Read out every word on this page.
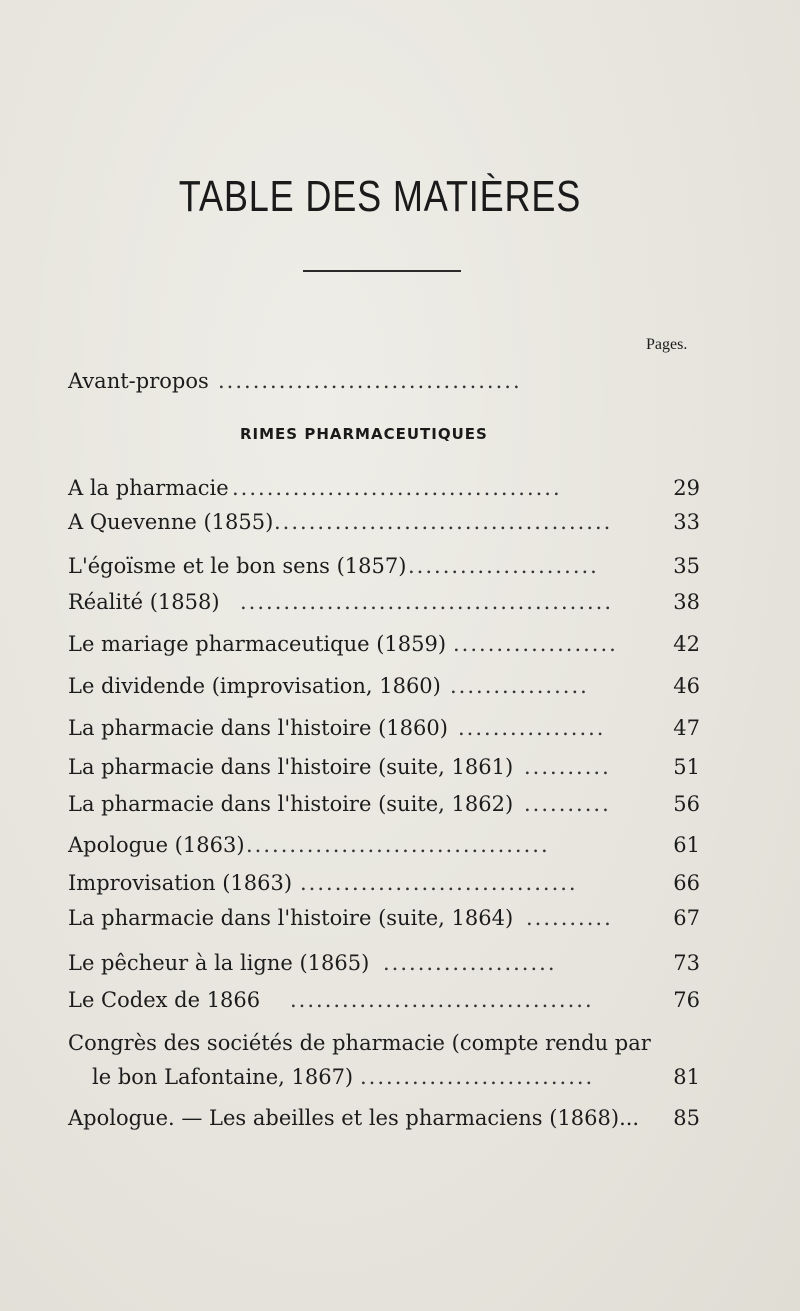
TABLE DES MATIÈRES
Pages.
Avant-propos ...................................
RIMES PHARMACEUTIQUES
A la pharmacie ......................................	29
A Quevenne (1855) .......................................	33
L'égoïsme et le bon sens (1857) ......................	35
Réalité (1858) ...........................................	38
Le mariage pharmaceutique (1859) ...................	42
Le dividende (improvisation, 1860) ................	46
La pharmacie dans l'histoire (1860) .................	47
La pharmacie dans l'histoire (suite, 1861) ..........	51
La pharmacie dans l'histoire (suite, 1862) ..........	56
Apologue (1863) ...................................	61
Improvisation (1863) ................................	66
La pharmacie dans l'histoire (suite, 1864) ..........	67
Le pêcheur à la ligne (1865) ....................	73
Le Codex de 1866 ...................................	76
Congrès des sociétés de pharmacie (compte rendu par
le bon Lafontaine, 1867) ...........................	81
Apologue. — Les abeilles et les pharmaciens (1868)...	85
